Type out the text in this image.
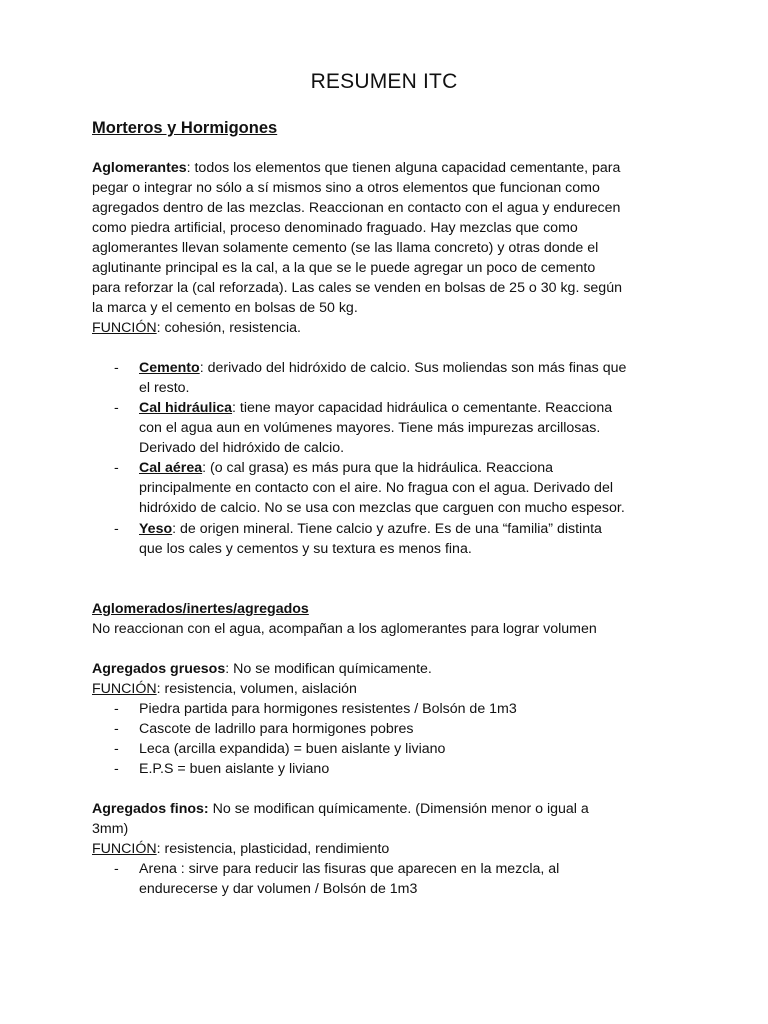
RESUMEN ITC
Morteros y Hormigones
Aglomerantes: todos los elementos que tienen alguna capacidad cementante, para
pegar o integrar no sólo a sí mismos sino a otros elementos que funcionan como
agregados dentro de las mezclas. Reaccionan en contacto con el agua y endurecen
como piedra artificial, proceso denominado fraguado. Hay mezclas que como
aglomerantes llevan solamente cemento (se las llama concreto) y otras donde el
aglutinante principal es la cal, a la que se le puede agregar un poco de cemento
para reforzar la (cal reforzada). Las cales se venden en bolsas de 25 o 30 kg. según
la marca y el cemento en bolsas de 50 kg.
FUNCIÓN: cohesión, resistencia.
- Cemento: derivado del hidróxido de calcio. Sus moliendas son más finas que
el resto.
- Cal hidráulica: tiene mayor capacidad hidráulica o cementante. Reacciona
con el agua aun en volúmenes mayores. Tiene más impurezas arcillosas.
Derivado del hidróxido de calcio.
- Cal aérea: (o cal grasa) es más pura que la hidráulica. Reacciona
principalmente en contacto con el aire. No fragua con el agua. Derivado del
hidróxido de calcio. No se usa con mezclas que carguen con mucho espesor.
- Yeso: de origen mineral. Tiene calcio y azufre. Es de una “familia” distinta
que los cales y cementos y su textura es menos fina.
Aglomerados/inertes/agregados
No reaccionan con el agua, acompañan a los aglomerantes para lograr volumen
Agregados gruesos: No se modifican químicamente.
FUNCIÓN: resistencia, volumen, aislación
- Piedra partida para hormigones resistentes / Bolsón de 1m3
- Cascote de ladrillo para hormigones pobres
- Leca (arcilla expandida) = buen aislante y liviano
- E.P.S = buen aislante y liviano
Agregados finos: No se modifican químicamente. (Dimensión menor o igual a
3mm)
FUNCIÓN: resistencia, plasticidad, rendimiento
- Arena : sirve para reducir las fisuras que aparecen en la mezcla, al
endurecerse y dar volumen / Bolsón de 1m3
